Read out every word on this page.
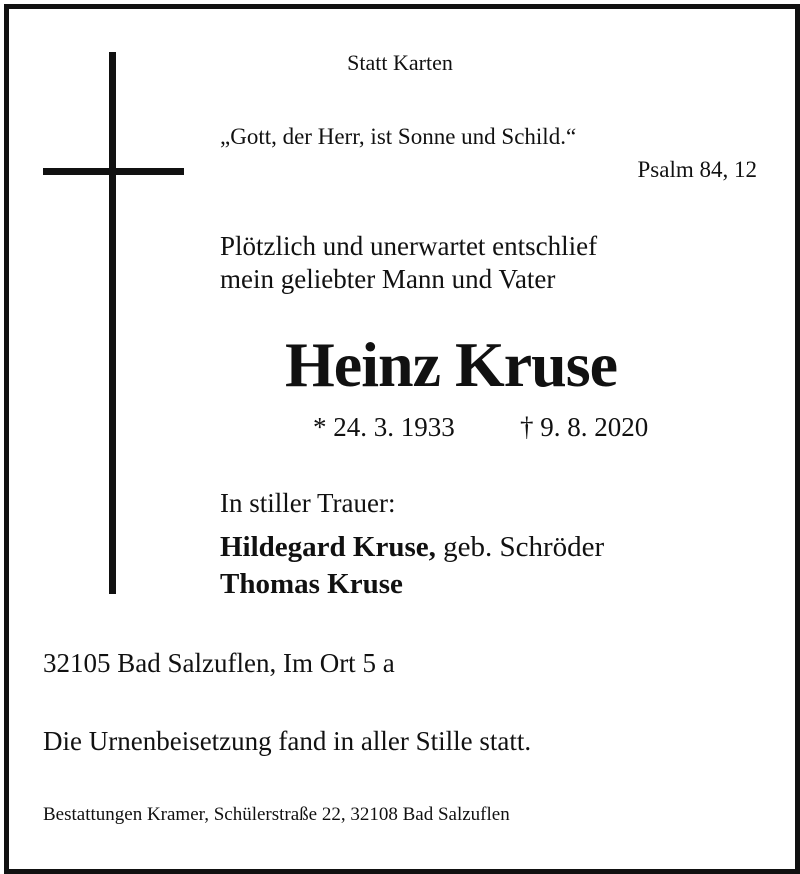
Statt Karten
„Gott, der Herr, ist Sonne und Schild.“
Psalm 84, 12
Plötzlich und unerwartet entschlief
mein geliebter Mann und Vater
Heinz Kruse
* 24. 3. 1933 † 9. 8. 2020
In stiller Trauer:
Hildegard Kruse, geb. Schröder
Thomas Kruse
32105 Bad Salzuflen, Im Ort 5 a
Die Urnenbeisetzung fand in aller Stille statt.
Bestattungen Kramer, Schülerstraße 22, 32108 Bad Salzuflen
